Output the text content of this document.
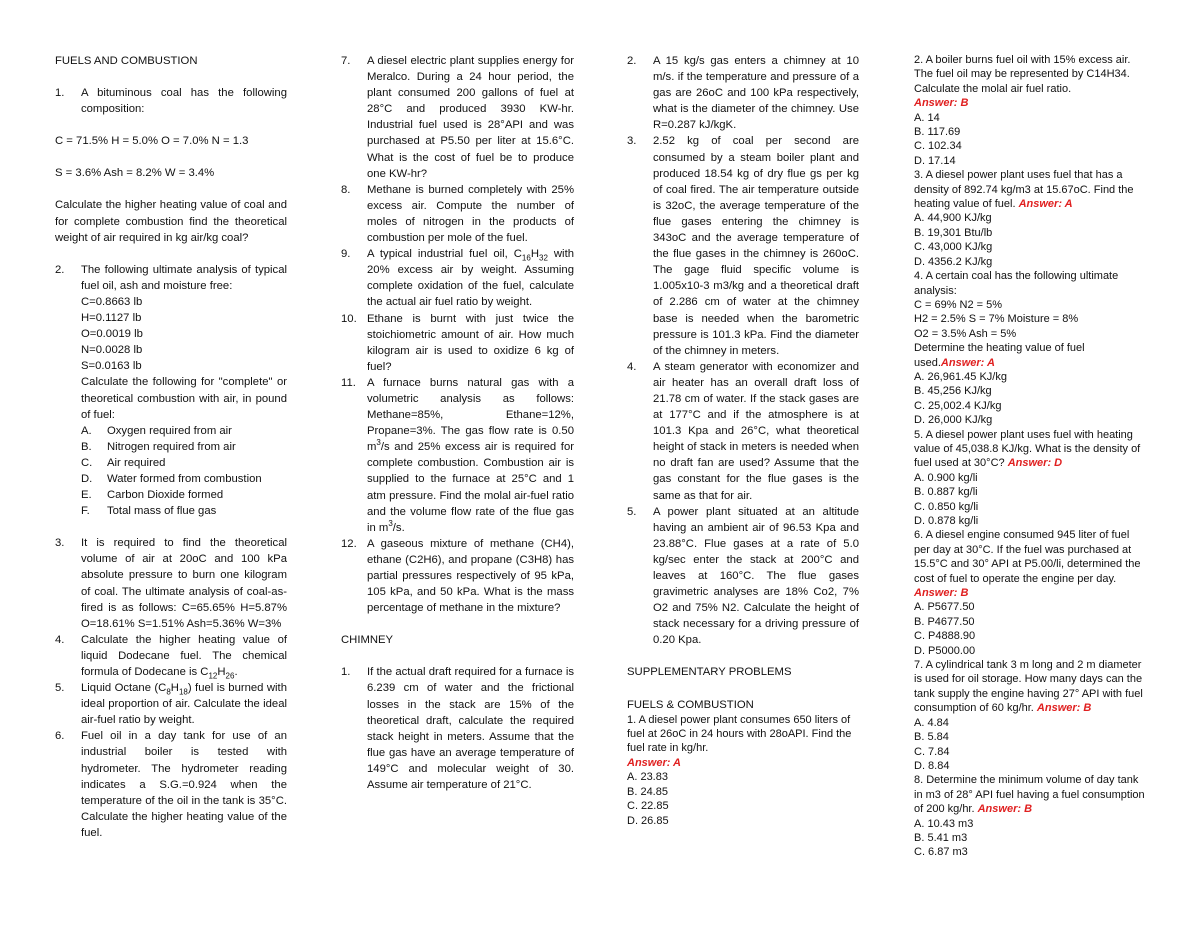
FUELS AND COMBUSTION
1.	A bituminous coal has the following composition:
C = 71.5% H = 5.0% O = 7.0% N = 1.3
S = 3.6% Ash = 8.2% W = 3.4%
Calculate the higher heating value of coal and for complete combustion find the theoretical weight of air required in kg air/kg coal?
2.	The following ultimate analysis of typical fuel oil, ash and moisture free:
C=0.8663 lb
H=0.1127 lb
O=0.0019 lb
N=0.0028 lb
S=0.0163 lb
Calculate the following for "complete" or theoretical combustion with air, in pound of fuel:
A.	Oxygen required from air
B.	Nitrogen required from air
C.	Air required
D.	Water formed from combustion
E.	Carbon Dioxide formed
F.	Total mass of flue gas
3.	It is required to find the theoretical volume of air at 20oC and 100 kPa absolute pressure to burn one kilogram of coal. The ultimate analysis of coal-as-fired is as follows: C=65.65% H=5.87% O=18.61% S=1.51% Ash=5.36% W=3%
4.	Calculate the higher heating value of liquid Dodecane fuel. The chemical formula of Dodecane is $C_{12}H_{26}$.
5.	Liquid Octane $(C_8H_{18})$ fuel is burned with ideal proportion of air. Calculate the ideal air-fuel ratio by weight.
6.	Fuel oil in a day tank for use of an industrial boiler is tested with hydrometer. The hydrometer reading indicates a S.G.=0.924 when the temperature of the oil in the tank is 35°C. Calculate the higher heating value of the fuel.
7.	A diesel electric plant supplies energy for Meralco. During a 24 hour period, the plant consumed 200 gallons of fuel at 28°C and produced 3930 KW-hr. Industrial fuel used is 28°API and was purchased at P5.50 per liter at 15.6°C. What is the cost of fuel be to produce one KW-hr?
8.	Methane is burned completely with 25% excess air. Compute the number of moles of nitrogen in the products of combustion per mole of the fuel.
9.	A typical industrial fuel oil, $C_{16}H_{32}$ with 20% excess air by weight. Assuming complete oxidation of the fuel, calculate the actual air fuel ratio by weight.
10. Ethane is burnt with just twice the stoichiometric amount of air. How much kilogram air is used to oxidize 6 kg of fuel?
11. A furnace burns natural gas with a volumetric analysis as follows: Methane=85%, Ethane=12%, Propane=3%. The gas flow rate is 0.50 $m^3/s$ and 25% excess air is required for complete combustion. Combustion air is supplied to the furnace at 25°C and 1 atm pressure. Find the molal air-fuel ratio and the volume flow rate of the flue gas in $m^3/s$.
12. A gaseous mixture of methane (CH4), ethane (C2H6), and propane (C3H8) has partial pressures respectively of 95 kPa, 105 kPa, and 50 kPa. What is the mass percentage of methane in the mixture?
CHIMNEY
1.	If the actual draft required for a furnace is 6.239 cm of water and the frictional losses in the stack are 15% of the theoretical draft, calculate the required stack height in meters. Assume that the flue gas have an average temperature of 149°C and molecular weight of 30. Assume air temperature of 21°C.
2.	A 15 kg/s gas enters a chimney at 10 m/s. if the temperature and pressure of a gas are 26oC and 100 kPa respectively, what is the diameter of the chimney. Use R=0.287 kJ/kgK.
3.	2.52 kg of coal per second are consumed by a steam boiler plant and produced 18.54 kg of dry flue gs per kg of coal fired. The air temperature outside is 32oC, the average temperature of the flue gases entering the chimney is 343oC and the average temperature of the flue gases in the chimney is 260oC. The gage fluid specific volume is 1.005x10-3 m3/kg and a theoretical draft of 2.286 cm of water at the chimney base is needed when the barometric pressure is 101.3 kPa. Find the diameter of the chimney in meters.
4.	A steam generator with economizer and air heater has an overall draft loss of 21.78 cm of water. If the stack gases are at 177°C and if the atmosphere is at 101.3 Kpa and 26°C, what theoretical height of stack in meters is needed when no draft fan are used? Assume that the gas constant for the flue gases is the same as that for air.
5.	A power plant situated at an altitude having an ambient air of 96.53 Kpa and 23.88°C. Flue gases at a rate of 5.0 kg/sec enter the stack at 200°C and leaves at 160°C. The flue gases gravimetric analyses are 18% Co2, 7% O2 and 75% N2. Calculate the height of stack necessary for a driving pressure of 0.20 Kpa.
SUPPLEMENTARY PROBLEMS
FUELS & COMBUSTION
1. A diesel power plant consumes 650 liters of fuel at 26oC in 24 hours with 28oAPI. Find the fuel rate in kg/hr.
Answer: A
A. 23.83
B. 24.85
C. 22.85
D. 26.85
2. A boiler burns fuel oil with 15% excess air. The fuel oil may be represented by C14H34. Calculate the molal air fuel ratio.
Answer: B
A. 14
B. 117.69
C. 102.34
D. 17.14
3. A diesel power plant uses fuel that has a density of 892.74 kg/m3 at 15.67oC. Find the heating value of fuel. Answer: A
A. 44,900 KJ/kg
B. 19,301 Btu/lb
C. 43,000 KJ/kg
D. 4356.2 KJ/kg
4. A certain coal has the following ultimate analysis:
C = 69% N2 = 5%
H2 = 2.5% S = 7% Moisture = 8%
O2 = 3.5% Ash = 5%
Determine the heating value of fuel used.Answer: A
A. 26,961.45 KJ/kg
B. 45,256 KJ/kg
C. 25,002.4 KJ/kg
D. 26,000 KJ/kg
5. A diesel power plant uses fuel with heating value of 45,038.8 KJ/kg. What is the density of fuel used at 30°C? Answer: D
A. 0.900 kg/li
B. 0.887 kg/li
C. 0.850 kg/li
D. 0.878 kg/li
6. A diesel engine consumed 945 liter of fuel per day at 30°C. If the fuel was purchased at 15.5°C and 30° API at P5.00/li, determined the cost of fuel to operate the engine per day. Answer: B
A. P5677.50
B. P4677.50
C. P4888.90
D. P5000.00
7. A cylindrical tank 3 m long and 2 m diameter is used for oil storage. How many days can the tank supply the engine having 27° API with fuel consumption of 60 kg/hr. Answer: B
A. 4.84
B. 5.84
C. 7.84
D. 8.84
8. Determine the minimum volume of day tank in m3 of 28° API fuel having a fuel consumption of 200 kg/hr. Answer: B
A. 10.43 m3
B. 5.41 m3
C. 6.87 m3
